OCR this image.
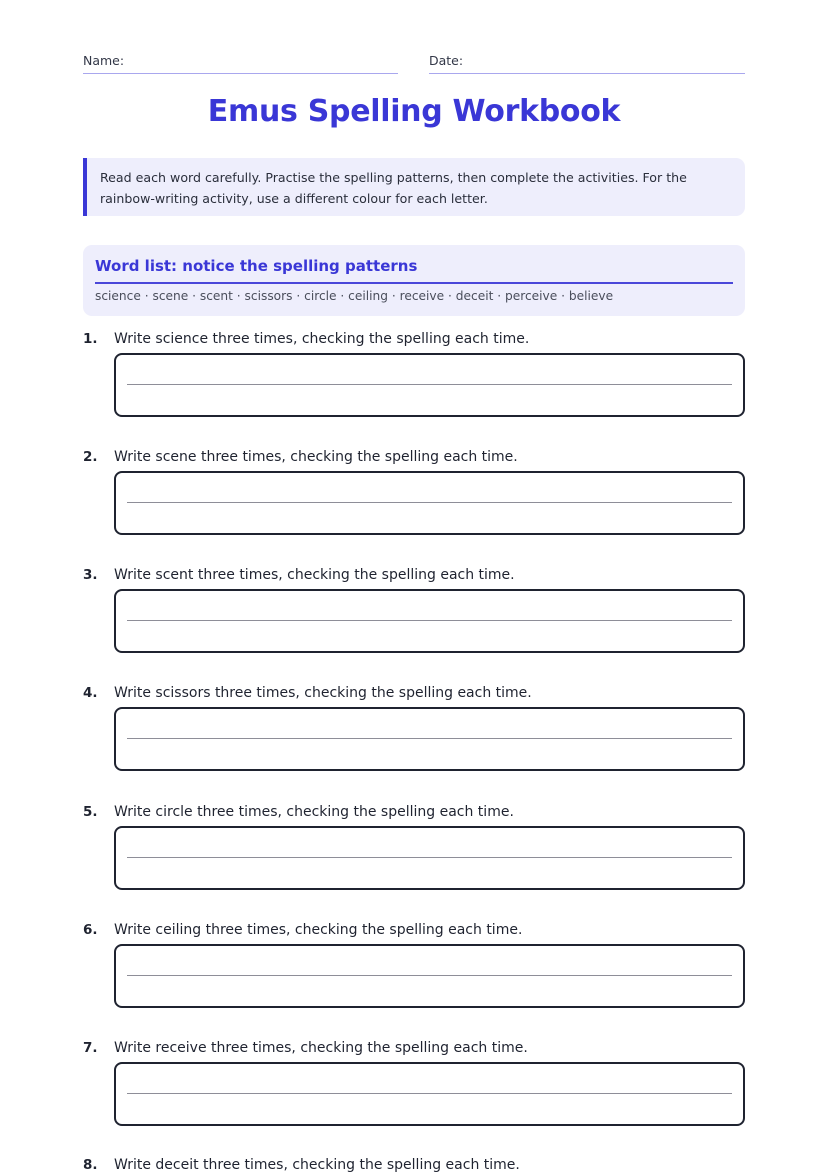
Name:	Date:
Emus Spelling Workbook
Read each word carefully. Practise the spelling patterns, then complete the activities. For the rainbow-writing activity, use a different colour for each letter.
Word list: notice the spelling patterns
science · scene · scent · scissors · circle · ceiling · receive · deceit · perceive · believe
1. Write science three times, checking the spelling each time.
2. Write scene three times, checking the spelling each time.
3. Write scent three times, checking the spelling each time.
4. Write scissors three times, checking the spelling each time.
5. Write circle three times, checking the spelling each time.
6. Write ceiling three times, checking the spelling each time.
7. Write receive three times, checking the spelling each time.
8. Write deceit three times, checking the spelling each time.
